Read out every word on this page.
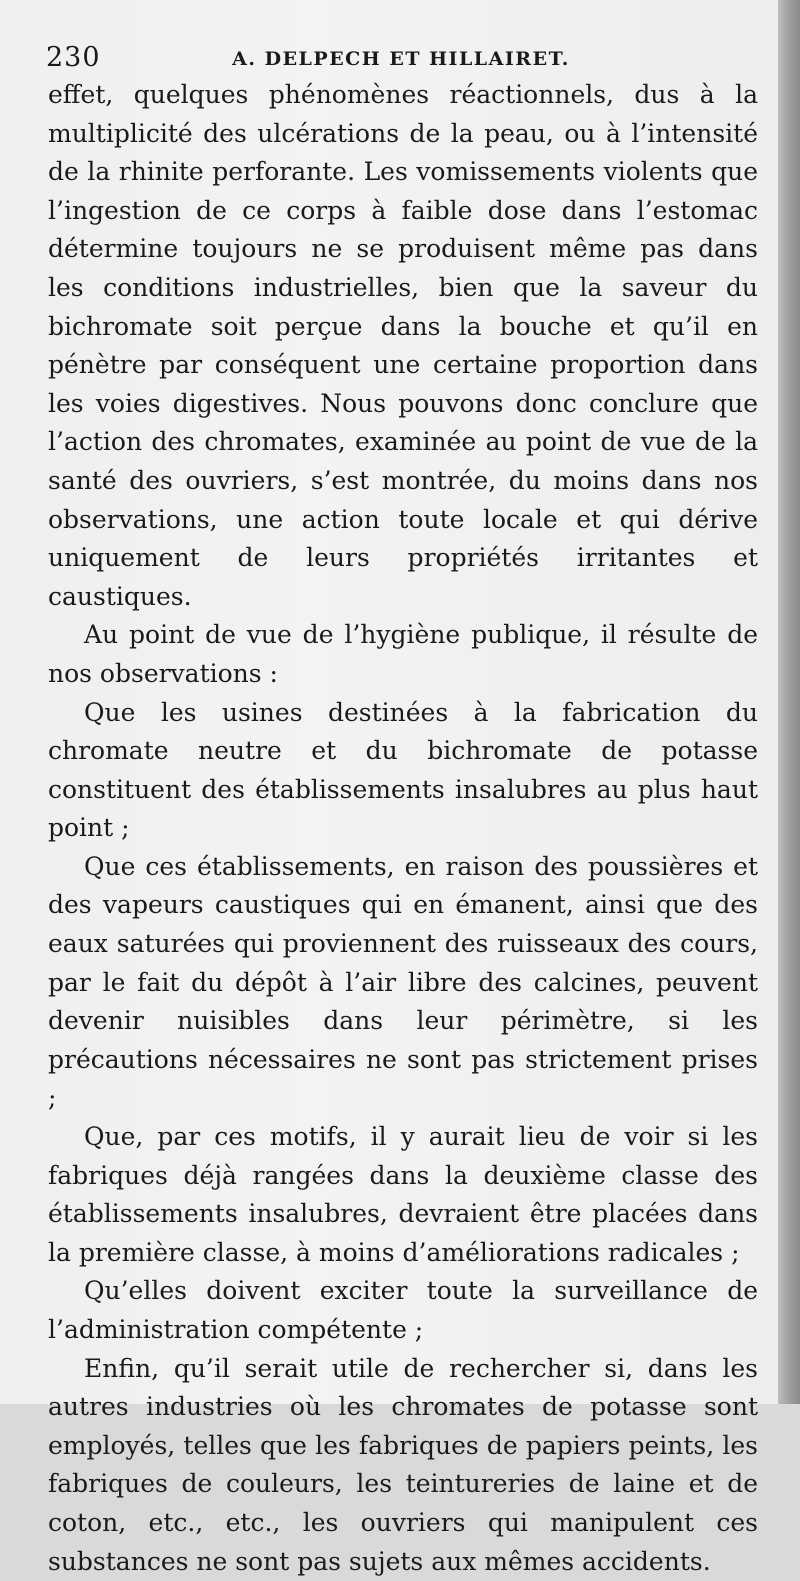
230	A. DELPECH ET HILLAIRET.

effet, quelques phénomènes réactionnels, dus à la multiplicité des ulcérations de la peau, ou à l’intensité de la rhinite perforante. Les vomissements violents que l’ingestion de ce corps à faible dose dans l’estomac détermine toujours ne se produisent même pas dans les conditions industrielles, bien que la saveur du bichromate soit perçue dans la bouche et qu’il en pénètre par conséquent une certaine proportion dans les voies digestives. Nous pouvons donc conclure que l’action des chromates, examinée au point de vue de la santé des ouvriers, s’est montrée, du moins dans nos observations, une action toute locale et qui dérive uniquement de leurs propriétés irritantes et caustiques.

Au point de vue de l’hygiène publique, il résulte de nos observations :

Que les usines destinées à la fabrication du chromate neutre et du bichromate de potasse constituent des établissements insalubres au plus haut point ;

Que ces établissements, en raison des poussières et des vapeurs caustiques qui en émanent, ainsi que des eaux saturées qui proviennent des ruisseaux des cours, par le fait du dépôt à l’air libre des calcines, peuvent devenir nuisibles dans leur périmètre, si les précautions nécessaires ne sont pas strictement prises ;

Que, par ces motifs, il y aurait lieu de voir si les fabriques déjà rangées dans la deuxième classe des établissements insalubres, devraient être placées dans la première classe, à moins d’améliorations radicales ;

Qu’elles doivent exciter toute la surveillance de l’administration compétente ;

Enfin, qu’il serait utile de rechercher si, dans les autres industries où les chromates de potasse sont employés, telles que les fabriques de papiers peints, les fabriques de couleurs, les teintureries de laine et de coton, etc., etc., les ouvriers qui manipulent ces substances ne sont pas sujets aux mêmes accidents.
